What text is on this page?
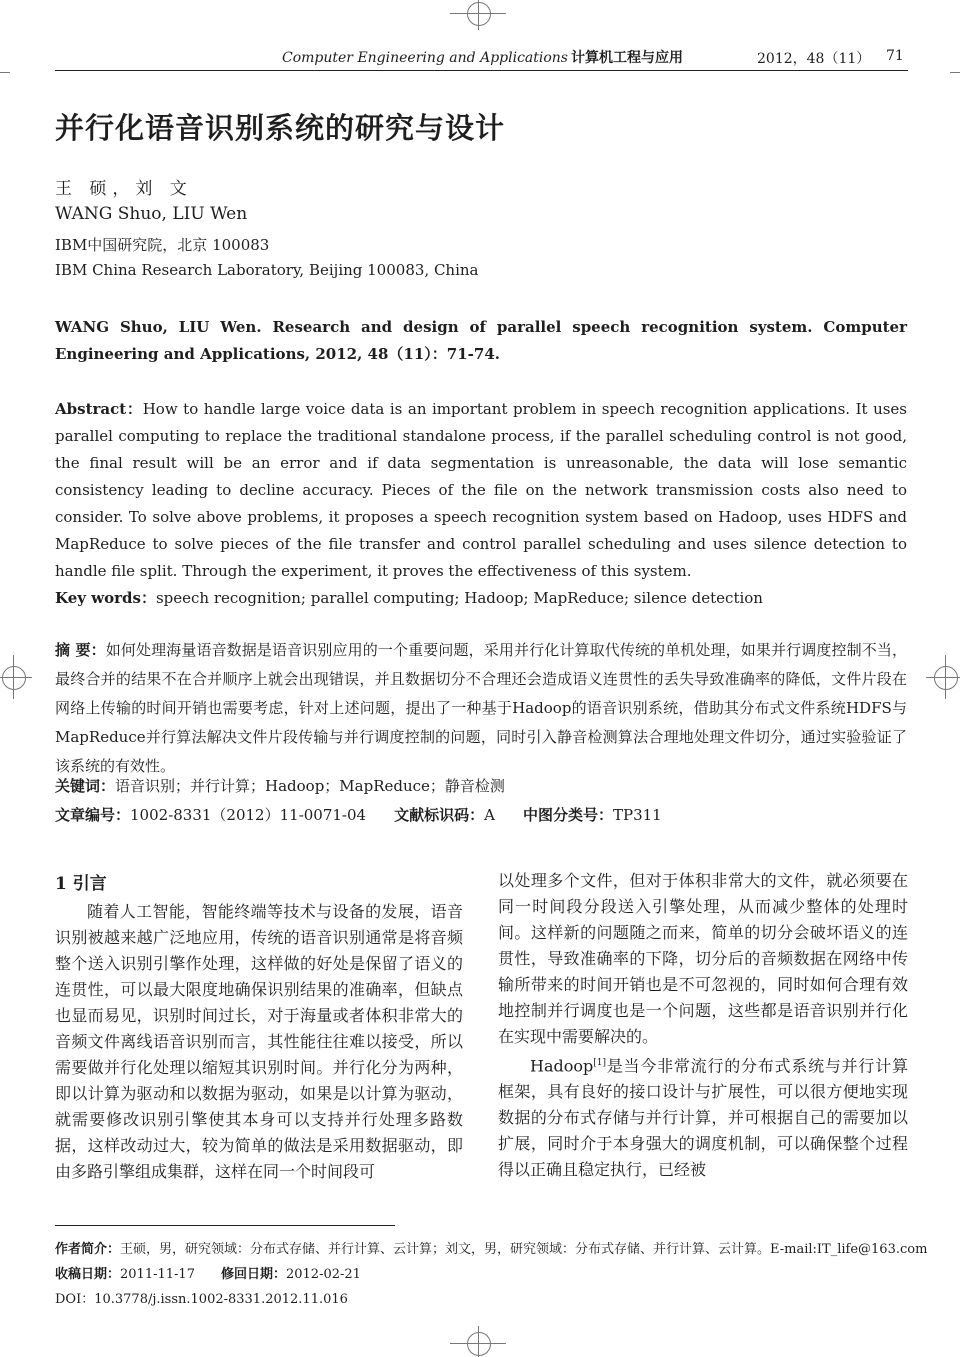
Computer Engineering and Applications 计算机工程与应用	2012，48（11） 71
并行化语音识别系统的研究与设计
王 硕，刘 文
WANG Shuo, LIU Wen
IBM中国研究院，北京 100083
IBM China Research Laboratory, Beijing 100083, China
WANG Shuo, LIU Wen. Research and design of parallel speech recognition system. Computer Engineering and Applications, 2012, 48（11）：71-74.

Abstract：How to handle large voice data is an important problem in speech recognition applications. It uses parallel computing to replace the traditional standalone process, if the parallel scheduling control is not good, the final result will be an error and if data segmentation is unreasonable, the data will lose semantic consistency leading to decline accuracy. Pieces of the file on the network transmission costs also need to consider. To solve above problems, it proposes a speech recognition system based on Hadoop, uses HDFS and MapReduce to solve pieces of the file transfer and control parallel scheduling and uses silence detection to handle file split. Through the experiment, it proves the effectiveness of this system.

Key words：speech recognition; parallel computing; Hadoop; MapReduce; silence detection

摘 要：如何处理海量语音数据是语音识别应用的一个重要问题，采用并行化计算取代传统的单机处理，如果并行调度控制不当，最终合并的结果不在合并顺序上就会出现错误，并且数据切分不合理还会造成语义连贯性的丢失导致准确率的降低，文件片段在网络上传输的时间开销也需要考虑，针对上述问题，提出了一种基于Hadoop的语音识别系统，借助其分布式文件系统HDFS与MapReduce并行算法解决文件片段传输与并行调度控制的问题，同时引入静音检测算法合理地处理文件切分，通过实验验证了该系统的有效性。

关键词：语音识别；并行计算；Hadoop；MapReduce；静音检测

文章编号：1002-8331（2012）11-0071-04 文献标识码：A 中图分类号：TP311

1 引言

随着人工智能，智能终端等技术与设备的发展，语音识别被越来越广泛地应用，传统的语音识别通常是将音频整个送入识别引擎作处理，这样做的好处是保留了语义的连贯性，可以最大限度地确保识别结果的准确率，但缺点也显而易见，识别时间过长，对于海量或者体积非常大的音频文件离线语音识别而言，其性能往往难以接受，所以需要做并行化处理以缩短其识别时间。并行化分为两种，即以计算为驱动和以数据为驱动，如果是以计算为驱动，就需要修改识别引擎使其本身可以支持并行处理多路数据，这样改动过大，较为简单的做法是采用数据驱动，即由多路引擎组成集群，这样在同一个时间段可

以处理多个文件，但对于体积非常大的文件，就必须要在同一时间段分段送入引擎处理，从而减少整体的处理时间。这样新的问题随之而来，简单的切分会破坏语义的连贯性，导致准确率的下降，切分后的音频数据在网络中传输所带来的时间开销也是不可忽视的，同时如何合理有效地控制并行调度也是一个问题，这些都是语音识别并行化在实现中需要解决的。

Hadoop[1]是当今非常流行的分布式系统与并行计算框架，具有良好的接口设计与扩展性，可以很方便地实现数据的分布式存储与并行计算，并可根据自己的需要加以扩展，同时介于本身强大的调度机制，可以确保整个过程得以正确且稳定执行，已经被

作者简介：王硕，男，研究领域：分布式存储、并行计算、云计算；刘文，男，研究领域：分布式存储、并行计算、云计算。E-mail:IT_life@163.com
收稿日期：2011-11-17 修回日期：2012-02-21
DOI：10.3778/j.issn.1002-8331.2012.11.016
